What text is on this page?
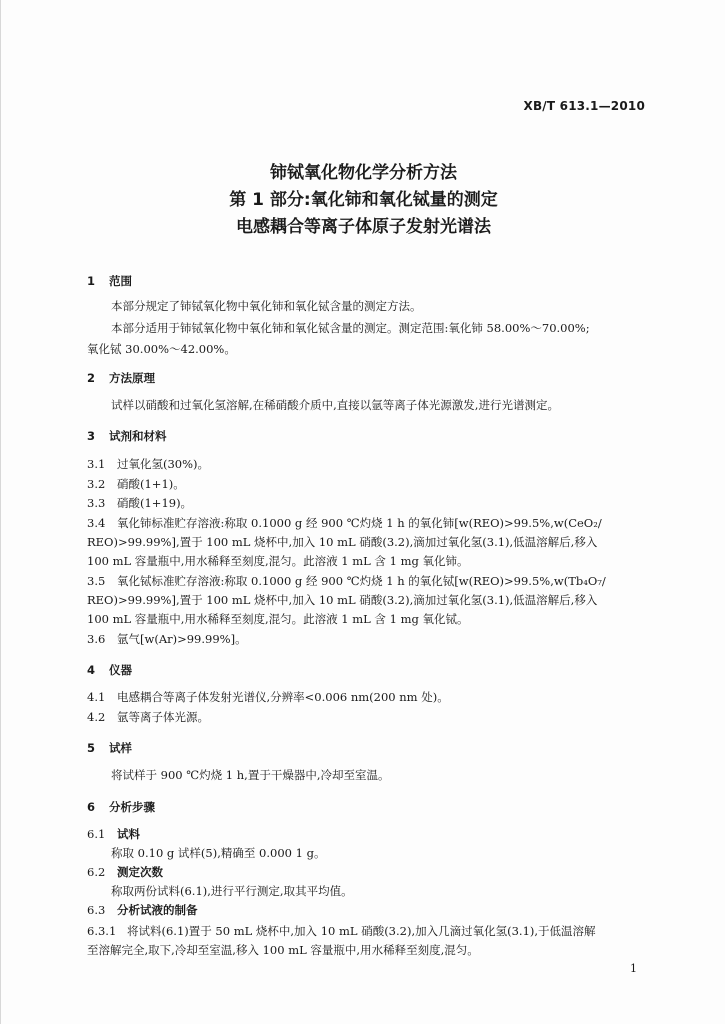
XB/T 613.1—2010
铈铽氧化物化学分析方法
第 1 部分:氧化铈和氧化铽量的测定
电感耦合等离子体原子发射光谱法
1 范围
本部分规定了铈铽氧化物中氧化铈和氧化铽含量的测定方法。
本部分适用于铈铽氧化物中氧化铈和氧化铽含量的测定。测定范围:氧化铈 58.00%～70.00%;
氧化铽 30.00%～42.00%。
2 方法原理
试样以硝酸和过氧化氢溶解,在稀硝酸介质中,直接以氩等离子体光源激发,进行光谱测定。
3 试剂和材料
3.1 过氧化氢(30%)。
3.2 硝酸(1+1)。
3.3 硝酸(1+19)。
3.4 氧化铈标准贮存溶液:称取 0.1000 g 经 900 ℃灼烧 1 h 的氧化铈[w(REO)>99.5%,w(CeO₂/
REO)>99.99%],置于 100 mL 烧杯中,加入 10 mL 硝酸(3.2),滴加过氧化氢(3.1),低温溶解后,移入
100 mL 容量瓶中,用水稀释至刻度,混匀。此溶液 1 mL 含 1 mg 氧化铈。
3.5 氧化铽标准贮存溶液:称取 0.1000 g 经 900 ℃灼烧 1 h 的氧化铽[w(REO)>99.5%,w(Tb₄O₇/
REO)>99.99%],置于 100 mL 烧杯中,加入 10 mL 硝酸(3.2),滴加过氧化氢(3.1),低温溶解后,移入
100 mL 容量瓶中,用水稀释至刻度,混匀。此溶液 1 mL 含 1 mg 氧化铽。
3.6 氩气[w(Ar)>99.99%]。
4 仪器
4.1 电感耦合等离子体发射光谱仪,分辨率<0.006 nm(200 nm 处)。
4.2 氩等离子体光源。
5 试样
将试样于 900 ℃灼烧 1 h,置于干燥器中,冷却至室温。
6 分析步骤
6.1 试料
称取 0.10 g 试样(5),精确至 0.000 1 g。
6.2 测定次数
称取两份试料(6.1),进行平行测定,取其平均值。
6.3 分析试液的制备
6.3.1 将试料(6.1)置于 50 mL 烧杯中,加入 10 mL 硝酸(3.2),加入几滴过氧化氢(3.1),于低温溶解
至溶解完全,取下,冷却至室温,移入 100 mL 容量瓶中,用水稀释至刻度,混匀。
1
